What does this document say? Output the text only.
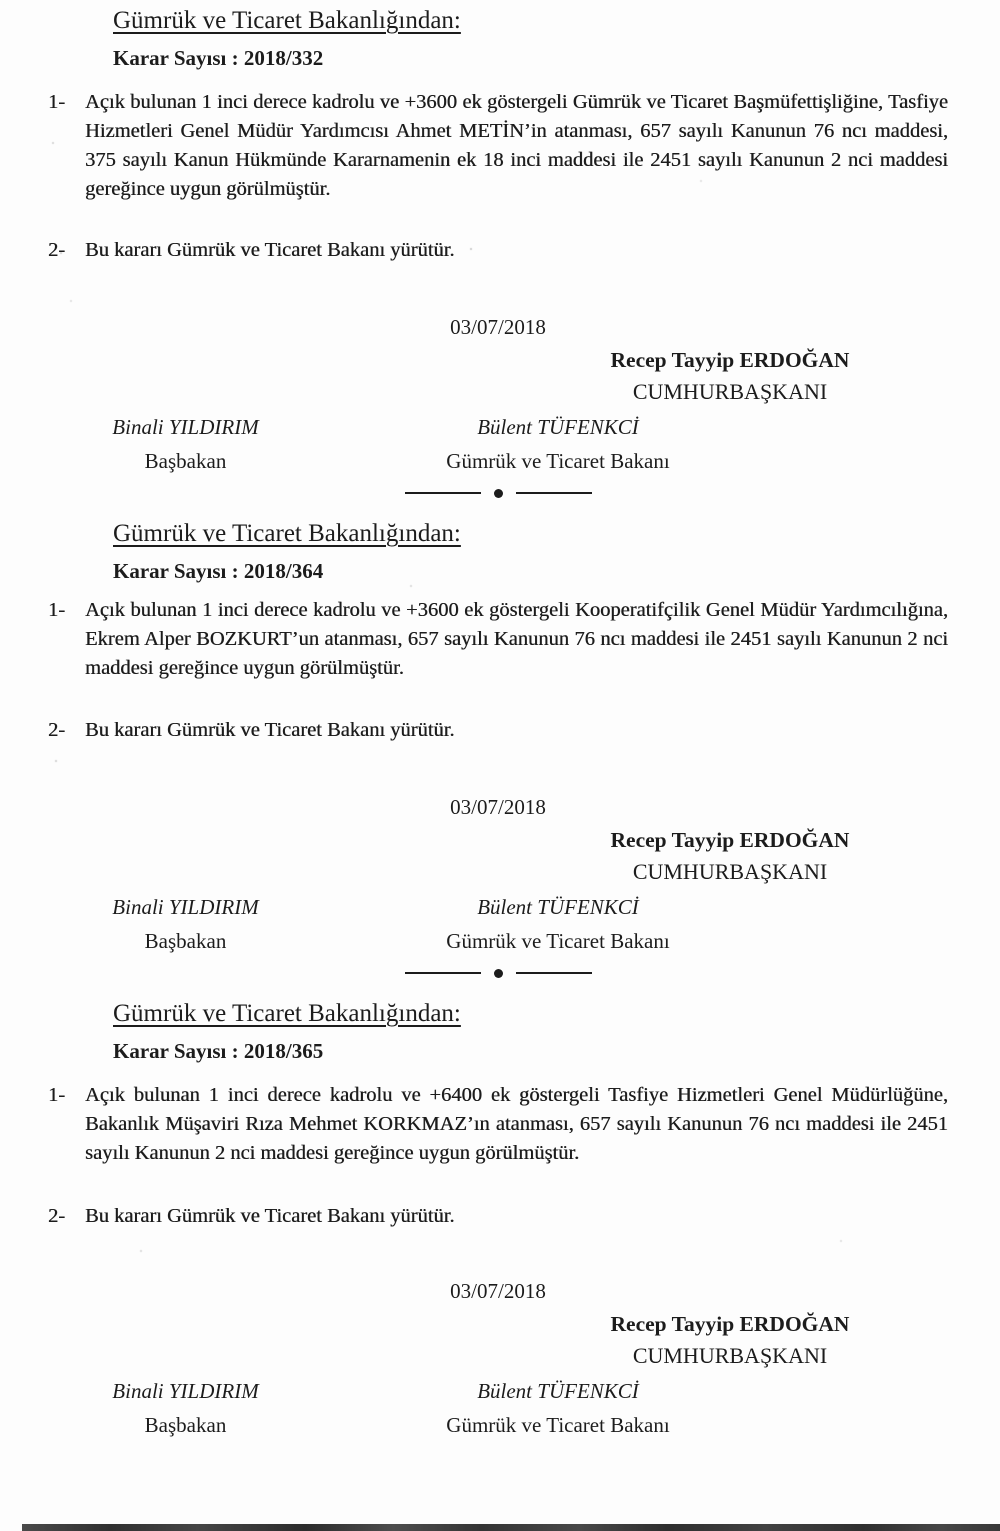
Gümrük ve Ticaret Bakanlığından:
Karar Sayısı : 2018/332
1- Açık bulunan 1 inci derece kadrolu ve +3600 ek göstergeli Gümrük ve Ticaret Başmüfettişliğine, Tasfiye Hizmetleri Genel Müdür Yardımcısı Ahmet METİN’in atanması, 657 sayılı Kanunun 76 ncı maddesi, 375 sayılı Kanun Hükmünde Kararnamenin ek 18 inci maddesi ile 2451 sayılı Kanunun 2 nci maddesi gereğince uygun görülmüştür.
2- Bu kararı Gümrük ve Ticaret Bakanı yürütür.
03/07/2018
Recep Tayyip ERDOĞAN
CUMHURBAŞKANI
Binali YILDIRIM
Başbakan
Bülent TÜFENKCİ
Gümrük ve Ticaret Bakanı
Gümrük ve Ticaret Bakanlığından:
Karar Sayısı : 2018/364
1- Açık bulunan 1 inci derece kadrolu ve +3600 ek göstergeli Kooperatifçilik Genel Müdür Yardımcılığına, Ekrem Alper BOZKURT’un atanması, 657 sayılı Kanunun 76 ncı maddesi ile 2451 sayılı Kanunun 2 nci maddesi gereğince uygun görülmüştür.
2- Bu kararı Gümrük ve Ticaret Bakanı yürütür.
03/07/2018
Recep Tayyip ERDOĞAN
CUMHURBAŞKANI
Binali YILDIRIM
Başbakan
Bülent TÜFENKCİ
Gümrük ve Ticaret Bakanı
Gümrük ve Ticaret Bakanlığından:
Karar Sayısı : 2018/365
1- Açık bulunan 1 inci derece kadrolu ve +6400 ek göstergeli Tasfiye Hizmetleri Genel Müdürlüğüne, Bakanlık Müşaviri Rıza Mehmet KORKMAZ’ın atanması, 657 sayılı Kanunun 76 ncı maddesi ile 2451 sayılı Kanunun 2 nci maddesi gereğince uygun görülmüştür.
2- Bu kararı Gümrük ve Ticaret Bakanı yürütür.
03/07/2018
Recep Tayyip ERDOĞAN
CUMHURBAŞKANI
Binali YILDIRIM
Başbakan
Bülent TÜFENKCİ
Gümrük ve Ticaret Bakanı
